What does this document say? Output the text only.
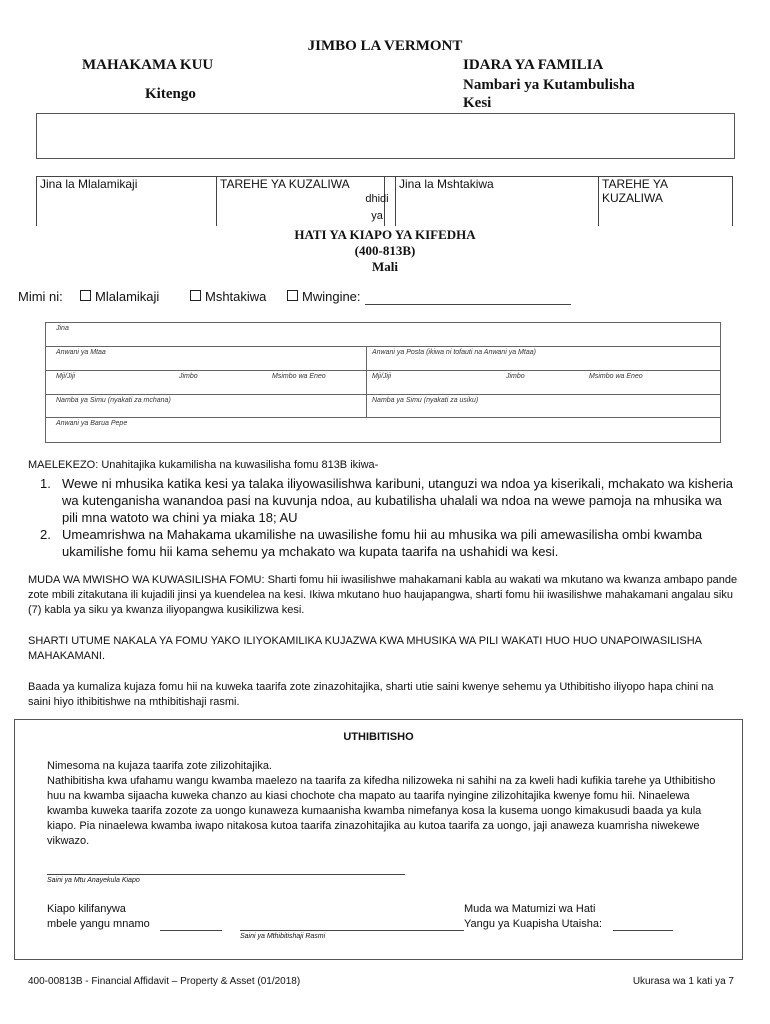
JIMBO LA VERMONT
MAHAKAMA KUU
Kitengo
IDARA YA FAMILIA
Nambari ya Kutambulisha Kesi
Jina la Mlalamikaji	TAREHE YA KUZALIWA	Jina la Mshtakiwa	TAREHE YA KUZALIWA
dhidi
ya
HATI YA KIAPO YA KIFEDHA
(400-813B)
Mali
Mimi ni:	Mlalamikaji	Mshtakiwa	Mwingine:
Jina
Anwani ya Mtaa	Anwani ya Posta (ikiwa ni tofauti na Anwani ya Mtaa)
Mji/Jiji	Jimbo	Msimbo wa Eneo	Mji/Jiji	Jimbo	Msimbo wa Eneo
Namba ya Simu (nyakati za mchana)	Namba ya Simu (nyakati za usiku)
Anwani ya Barua Pepe
MAELEKEZO: Unahitajika kukamilisha na kuwasilisha fomu 813B ikiwa-
1. Wewe ni mhusika katika kesi ya talaka iliyowasilishwa karibuni, utanguzi wa ndoa ya kiserikali, mchakato wa kisheria wa kutenganisha wanandoa pasi na kuvunja ndoa, au kubatilisha uhalali wa ndoa na wewe pamoja na mhusika wa pili mna watoto wa chini ya miaka 18; AU
2. Umeamrishwa na Mahakama ukamilishe na uwasilishe fomu hii au mhusika wa pili amewasilisha ombi kwamba ukamilishe fomu hii kama sehemu ya mchakato wa kupata taarifa na ushahidi wa kesi.
MUDA WA MWISHO WA KUWASILISHA FOMU: Sharti fomu hii iwasilishwe mahakamani kabla au wakati wa mkutano wa kwanza ambapo pande zote mbili zitakutana ili kujadili jinsi ya kuendelea na kesi. Ikiwa mkutano huo haujapangwa, sharti fomu hii iwasilishwe mahakamani angalau siku (7) kabla ya siku ya kwanza iliyopangwa kusikilizwa kesi.
SHARTI UTUME NAKALA YA FOMU YAKO ILIYOKAMILIKA KUJAZWA KWA MHUSIKA WA PILI WAKATI HUO HUO UNAPOIWASILISHA MAHAKAMANI.
Baada ya kumaliza kujaza fomu hii na kuweka taarifa zote zinazohitajika, sharti utie saini kwenye sehemu ya Uthibitisho iliyopo hapa chini na saini hiyo ithibitishwe na mthibitishaji rasmi.
UTHIBITISHO
Nimesoma na kujaza taarifa zote zilizohitajika.
Nathibitisha kwa ufahamu wangu kwamba maelezo na taarifa za kifedha nilizoweka ni sahihi na za kweli hadi kufikia tarehe ya Uthibitisho huu na kwamba sijaacha kuweka chanzo au kiasi chochote cha mapato au taarifa nyingine zilizohitajika kwenye fomu hii. Ninaelewa kwamba kuweka taarifa zozote za uongo kunaweza kumaanisha kwamba nimefanya kosa la kusema uongo kimakusudi baada ya kula kiapo. Pia ninaelewa kwamba iwapo nitakosa kutoa taarifa zinazohitajika au kutoa taarifa za uongo, jaji anaweza kuamrisha niwekewe vikwazo.
Saini ya Mtu Anayekula Kiapo
Kiapo kilifanywa
mbele yangu mnamo
Saini ya Mthibitishaji Rasmi
Muda wa Matumizi wa Hati
Yangu ya Kuapisha Utaisha:
400-00813B - Financial Affidavit – Property & Asset (01/2018)	Ukurasa wa 1 kati ya 7
